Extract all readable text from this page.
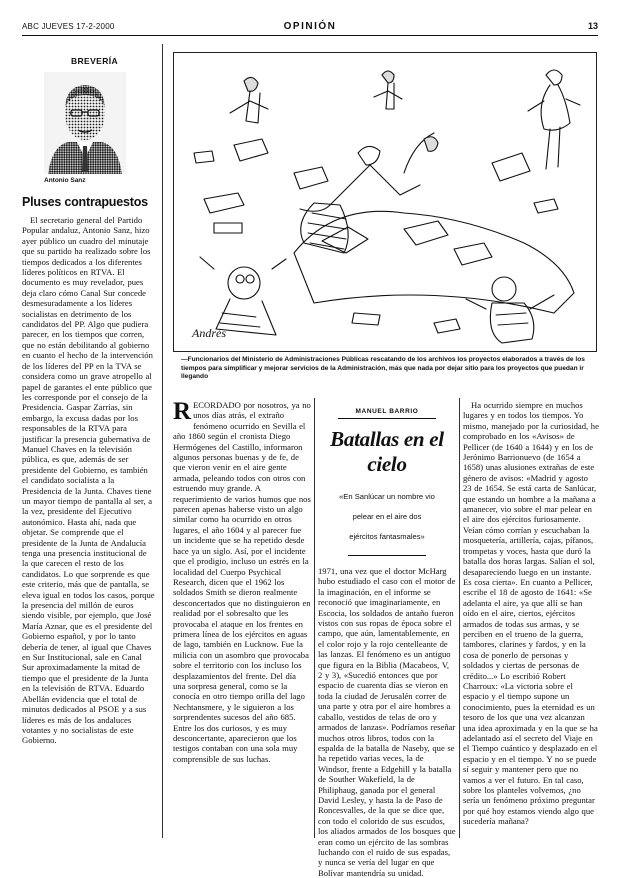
ABC JUEVES 17-2-2000	OPINIÓN	13
BREVERÍA
Antonio Sanz
Pluses contrapuestos

El secretario general del Partido Popular andaluz, Antonio Sanz, hizo ayer público un cuadro del minutaje que su partido ha realizado sobre los tiempos dedicados a los diferentes líderes políticos en RTVA. El documento es muy revelador, pues deja claro cómo Canal Sur concede desmesuradamente a los líderes socialistas en detrimento de los candidatos del PP. Algo que pudiera parecer, en los tiempos que corren, que no están debilitando al gobierno en cuanto el hecho de la intervención de los líderes del PP en la TVA se considera como un grave atropello al papel de garantes el ente público que les corresponde por el consejo de la Presidencia. Gaspar Zarrías, sin embargo, la excusa dadas por los responsables de la RTVA para justificar la presencia gubernativa de Manuel Chaves en la televisión pública, es que, además de ser presidente del Gobierno, es también el candidato socialista a la Presidencia de la Junta. Chaves tiene un mayor tiempo de pantalla al ser, a la vez, presidente del Ejecutivo autonómico. Hasta ahí, nada que objetar. Se comprende que el presidente de la Junta de Andalucía tenga una presencia institucional de la que carecen el resto de los candidatos. Lo que sorprende es que este criterio, más que de pantalla, se eleva igual en todos los casos, porque la presencia del millón de euros siendo visible, por ejemplo, que José María Aznar, que es el presidente del Gobierno español, y por lo tanto debería de tener, al igual que Chaves en Sur Institucional, sale en Canal Sur aproximadamente la mitad de tiempo que el presidente de la Junta en la televisión de RTVA. Eduardo Abellán evidencia que el total de minutos dedicados al PSOE y a sus líderes es más de los andaluces votantes y no socialistas de este Gobierno.

Andrés
—Funcionarios del Ministerio de Administraciones Públicas rescatando de los archivos los proyectos elaborados a través de los tiempos para simplificar y mejorar servicios de la Administración, más que nada por dejar sitio para los proyectos que puedan ir llegando

RECORDADO por nosotros, ya no unos días atrás, el extraño fenómeno ocurrido en Sevilla el año 1860 según el cronista Diego Hermógenes del Castillo, informaron algunos personas buenas y de fe, de que vieron venir en el aire gente armada, peleando todos con otros con estruendo muy grande. A requerimiento de varios humos que nos parecen apenas haberse visto un algo similar como ha ocurrido en otros lugares, el año 1604 y al parecer fue un incidente que se ha repetido desde hace ya un siglo. Así, por el incidente que el prodigio, incluso un estrés en la localidad del Cuerpo Psychical Research, dicen que el 1962 los soldados Smith se dieron realmente desconcertados que no distinguieron en realidad por el sobresalto que les provocaba el ataque en los frentes en primera línea de los ejércitos en aguas de lago, también en Lucknow. Fue la milicia con un asombro que provocaba sobre el territorio con los incluso los desplazamientos del frente. Del día una sorpresa general, como se la conocía en otro tiempo orilla del lago Nechtansmere, y le siguieron a los sorprendentes sucesos del año 685. Entre los dos curiosos, y es muy desconcertante, aparecieron que los testigos contaban con una sola muy comprensible de sus luchas.

MANUEL BARRIO
Batallas en el cielo
«En Sanlúcar un nombre vio
pelear en el aire dos
ejércitos fantasmales»

1971, una vez que el doctor McHarg hubo estudiado el caso con el motor de la imaginación, en el informe se reconoció que imaginariamente, en Escocia, los soldados de antaño fueron vistos con sus ropas de época sobre el campo, que aún, lamentablemente, en el color rojo y la rojo centelleante de las lanzas. El fenómeno es un antiguo que figura en la Biblia (Macabeos, V, 2 y 3), «Sucedió entonces que por espacio de cuarenta días se vieron en toda la ciudad de Jerusalén correr de una parte y otra por el aire hombres a caballo, vestidos de telas de oro y armados de lanzas». Podríamos reseñar muchos otros libros, todos con la espalda de la batalla de Naseby, que se ha repetido varias veces, la de Windsor, frente a Edgehill y la batalla de Souther Wakefield, la de Philiphaug, ganada por el general David Lesley, y hasta la de Paso de Roncesvalles, de la que se dice que, con todo el colorido de sus escudos, los aliados armados de los bosques que eran como un ejército de las sombras luchando con el ruido de sus espadas, y nunca se vería del lugar en que Bolívar mantendría su unidad.

Ha ocurrido siempre en muchos lugares y en todos los tiempos. Yo mismo, manejado por la curiosidad, he comprobado en los «Avisos» de Pellicer (de 1640 a 1644) y en los de Jerónimo Barrionuevo (de 1654 a 1658) unas alusiones extrañas de este género de avisos: «Madrid y agosto 23 de 1654. Se está carta de Sanlúcar, que estando un hombre a la mañana a amanecer, vio sobre el mar pelear en el aire dos ejércitos furiosamente. Veían cómo corrían y escuchaban la mosquetería, artillería, cajas, pífanos, trompetas y voces, hasta que duró la batalla dos horas largas. Salían el sol, desapareciendo luego en un instante. Es cosa cierta». En cuanto a Pellicer, escribe el 18 de agosto de 1641: «Se adelanta el aire, ya que allí se han oído en el aire, ciertos, ejércitos armados de todas sus armas, y se perciben en el trueno de la guerra, tambores, clarines y fardos, y en la cosa de ponerlo de personas y soldados y ciertas de personas de crédito...» Lo escribió Robert Charroux: «La victoria sobre el espacio y el tiempo supone un conocimiento, pues la eternidad es un tesoro de los que una vez alcanzan una idea aproximada y en la que se ha adelantado así el secreto del Viaje en el Tiempo cuántico y desplazado en el espacio y en el tiempo. Y no se puede sí seguir y mantener pero que no vamos a ver el futuro. En tal caso, sobre los planteles volvemos, ¿no sería un fenómeno próximo preguntar por qué hoy estamos viendo algo que sucedería mañana?
